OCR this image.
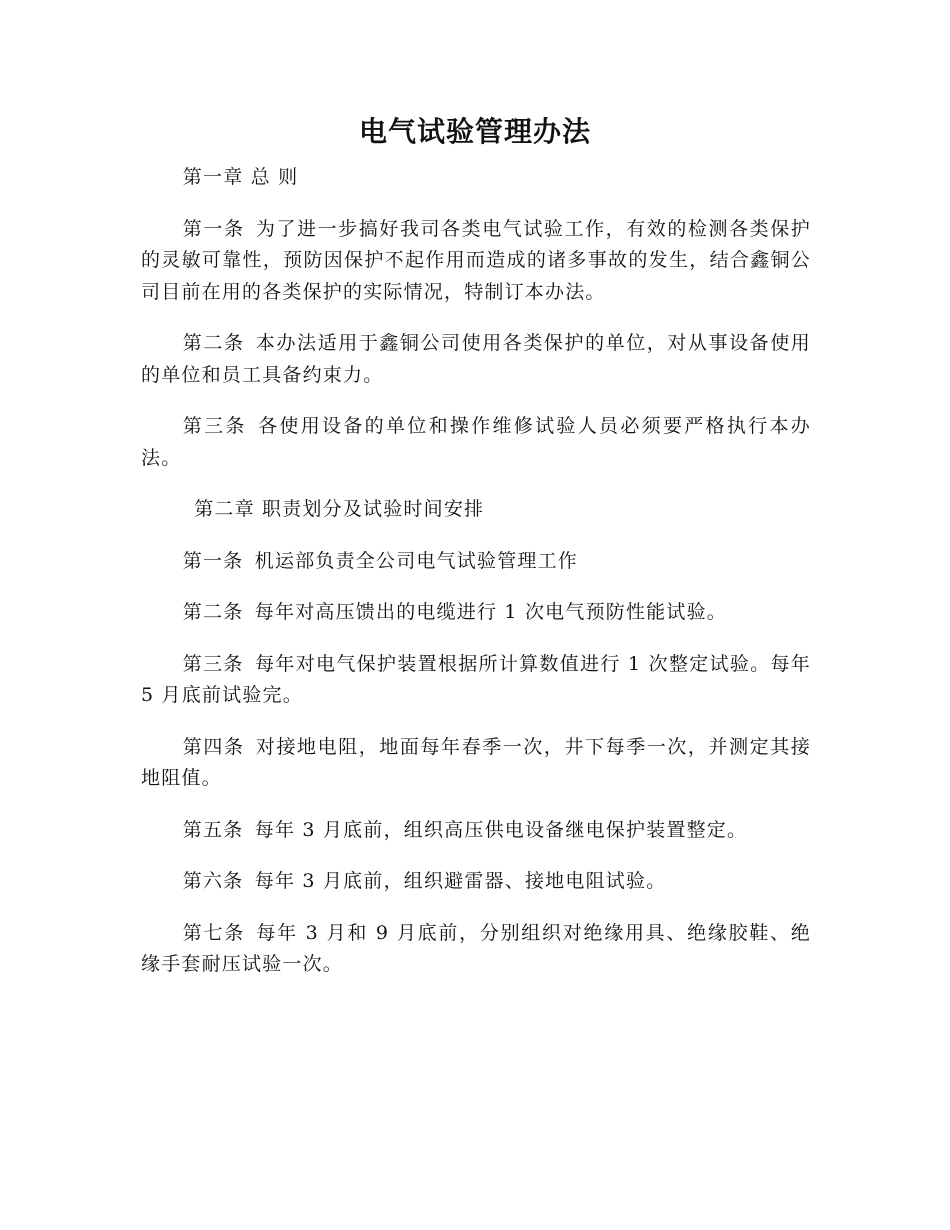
电气试验管理办法

第一章 总 则

第一条 为了进一步搞好我司各类电气试验工作，有效的检测各类保护的灵敏可靠性，预防因保护不起作用而造成的诸多事故的发生，结合鑫铜公司目前在用的各类保护的实际情况，特制订本办法。

第二条 本办法适用于鑫铜公司使用各类保护的单位，对从事设备使用的单位和员工具备约束力。

第三条 各使用设备的单位和操作维修试验人员必须要严格执行本办法。

第二章 职责划分及试验时间安排

第一条 机运部负责全公司电气试验管理工作

第二条 每年对高压馈出的电缆进行 1 次电气预防性能试验。

第三条 每年对电气保护装置根据所计算数值进行 1 次整定试验。每年 5 月底前试验完。

第四条 对接地电阻，地面每年春季一次，井下每季一次，并测定其接地阻值。

第五条 每年 3 月底前，组织高压供电设备继电保护装置整定。

第六条 每年 3 月底前，组织避雷器、接地电阻试验。

第七条 每年 3 月和 9 月底前，分别组织对绝缘用具、绝缘胶鞋、绝缘手套耐压试验一次。
